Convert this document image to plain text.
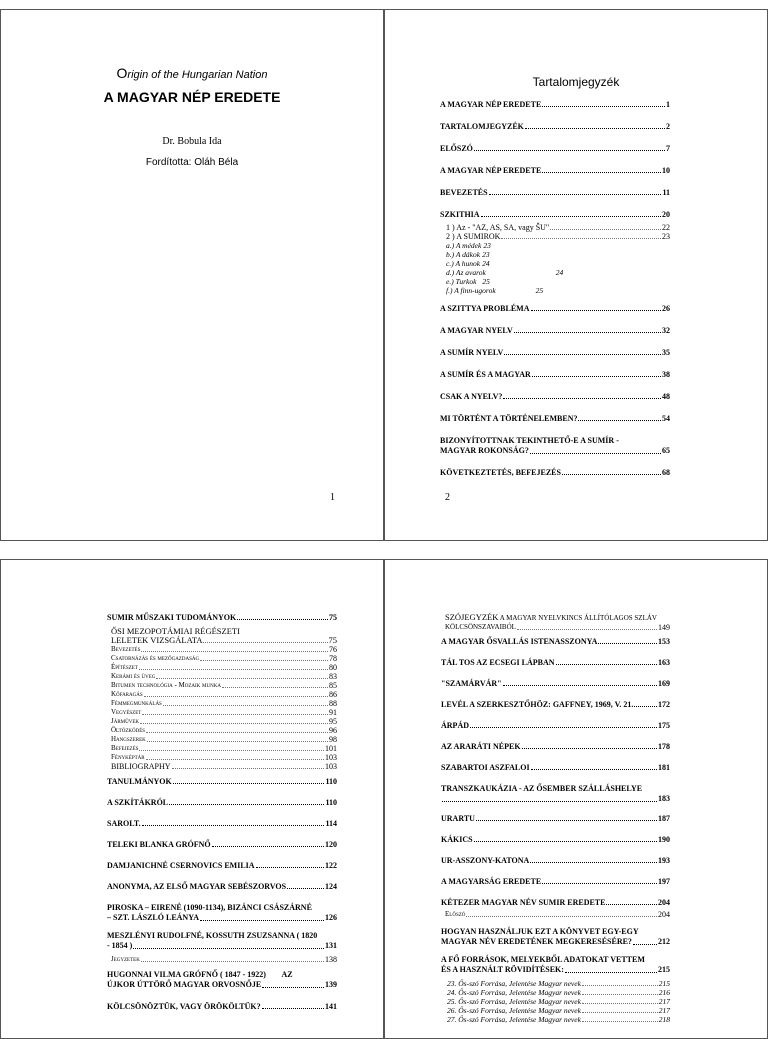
Origin of the Hungarian Nation
A MAGYAR NÉP EREDETE
Dr. Bobula Ida
Fordította: Oláh Béla
1
Tartalomjegyzék
A MAGYAR NÉP EREDETE	1
TARTALOMJEGYZÉK	2
ELŐSZÓ	7
A MAGYAR NÉP EREDETE	10
BEVEZETÉS	11
SZKITHIA	20
1 ) Az - "AZ, AS, SA, vagy ŠU"	22
2 ) A SUMIROK	23
a.) A médek 23
b.) A dákok 23
c.) A hunok 24
d.) Az avarok	24
e.) Turkok 25
f.) A finn-ugorok	25
A SZITTYA PROBLÉMA	26
A MAGYAR NYELV	32
A SUMÍR NYELV	35
A SUMÍR ÉS A MAGYAR	38
CSAK A NYELV?	48
MI TÖRTÉNT A TÖRTÉNELEMBEN?	54
BIZONYÍTOTTNAK TEKINTHETŐ-E A SUMÍR -
MAGYAR ROKONSÁG?	65
KÖVETKEZTETÉS, BEFEJEZÉS	68
2
SUMIR MŰSZAKI TUDOMÁNYOK	75
ŐSI MEZOPOTÁMIAI RÉGÉSZETI
LELETEK VIZSGÁLATA	75
Bevezetés	76
Csatornázás és mezőgazdaság	78
Építészet	80
Kerámi és üveg	83
Bitumen technológia - Mozaik munka	85
Kőfaragás	86
Fémmegmunkálás	88
Vegyészet	91
Járművek	95
Öltözködés	96
Hangszerek	98
Befejezés	101
Fényképtár	103
BIBLIOGRAPHY	103
TANULMÁNYOK	110
A SZKÍTÁKRÓL	110
SAROLT.	114
TELEKI BLANKA GRÓFNŐ	120
DAMJANICHNÉ CSERNOVICS EMILIA	122
ANONYMA, AZ ELSŐ MAGYAR SEBÉSZORVOS	124
PIROSKA – EIRENÉ (1090-1134), BIZÁNCI CSÁSZÁRNÉ
– SZT. LÁSZLÓ LEÁNYA	126
MESZLÉNYI RUDOLFNÉ, KOSSUTH ZSUZSANNA ( 1820
- 1854 )	131
Jegyzetek	138
HUGONNAI VILMA GRÓFNŐ ( 1847 - 1922)        AZ
ÚJKOR ÚTTÖRŐ MAGYAR ORVOSNŐJE	139
KÖLCSÖNÖZTÜK, VAGY ÖRÖKÖLTÜK?	141
SZÓJEGYZÉK A MAGYAR NYELVKINCS ÁLLÍTÓLAGOS SZLÁV
KÖLCSÖNSZAVAIBÓL	149
A MAGYAR ŐSVALLÁS ISTENASSZONYA	153
TÁL TOS AZ ECSEGI LÁPBAN	163
"SZAMÁRVÁR"	169
LEVÉL A SZERKESZTŐHÖZ: GAFFNEY, 1969, V. 21.	172
ÁRPÁD	175
AZ ARARÁTI NÉPEK	178
SZABARTOI ASZFALOI	181
TRANSZKAUKÁZIA - AZ ŐSEMBER SZÁLLÁSHELYE
183
URARTU	187
KÁKICS	190
UR-ASSZONY-KATONA	193
A MAGYARSÁG EREDETE	197
KÉTEZER MAGYAR NÉV SUMIR EREDETE	204
Előszó	204
HOGYAN HASZNÁLJUK EZT A KÖNYVET EGY-EGY
MAGYAR NÉV EREDETÉNEK MEGKERESÉSÉRE?	212
A FŐ FORRÁSOK, MELYEKBŐL ADATOKAT VETTEM
ÉS A HASZNÁLT RÖVIDÍTÉSEK:	215
23. Ős-szó Forrása, Jelentése Magyar nevek	215
24. Ős-szó Forrása, Jelentése Magyar nevek	216
25. Ős-szó Forrása, Jelentése Magyar nevek	217
26. Ős-szó Forrása, Jelentése Magyar nevek	217
27. Ős-szó Forrása, Jelentése Magyar nevek	218
